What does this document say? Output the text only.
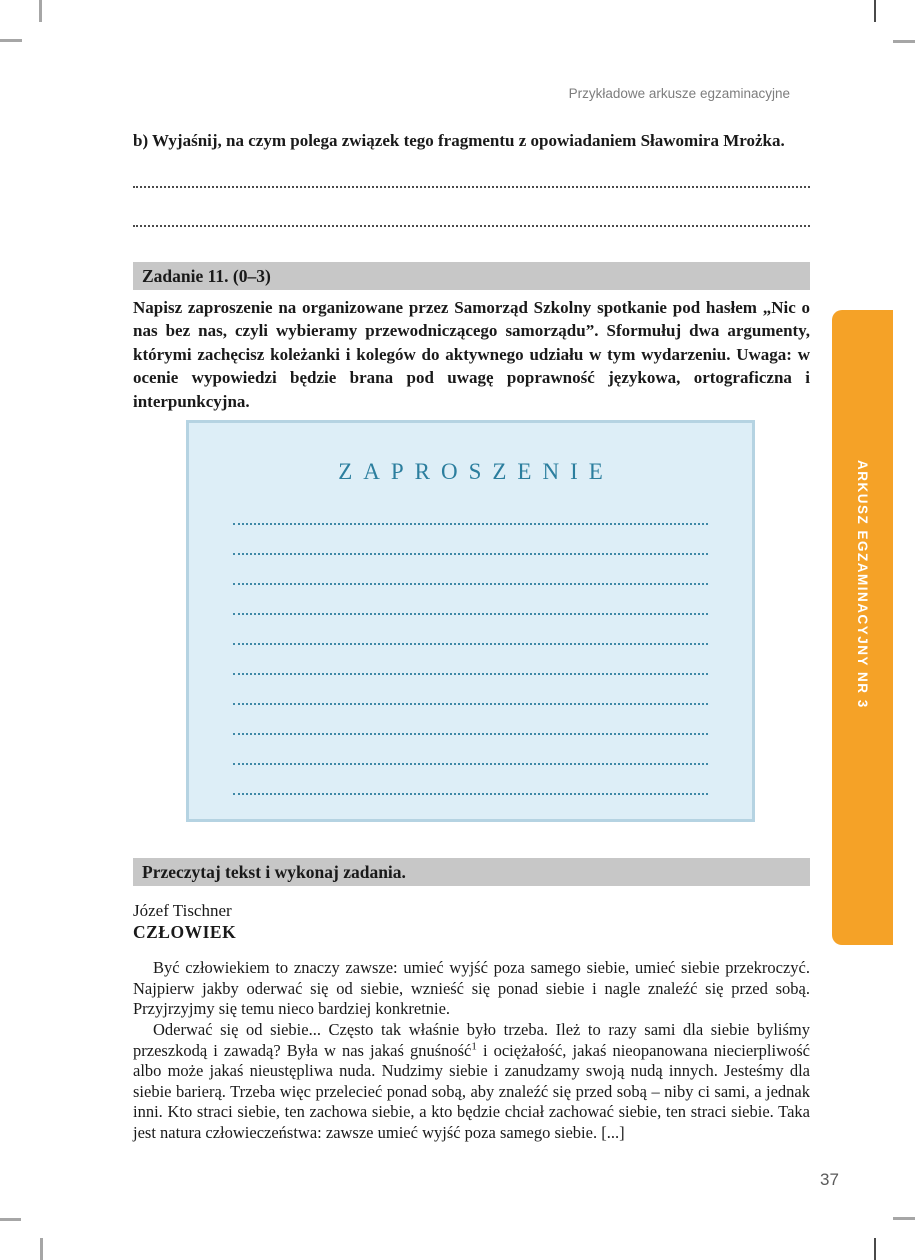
Przykładowe arkusze egzaminacyjne

b) Wyjaśnij, na czym polega związek tego fragmentu z opowiadaniem Sławomira Mrożka.

Zadanie 11. (0–3)

Napisz zaproszenie na organizowane przez Samorząd Szkolny spotkanie pod hasłem „Nic o nas bez nas, czyli wybieramy przewodniczącego samorządu”. Sformułuj dwa argumenty, którymi zachęcisz koleżanki i kolegów do aktywnego udziału w tym wydarzeniu. Uwaga: w ocenie wypowiedzi będzie brana pod uwagę poprawność językowa, ortograficzna i interpunkcyjna.

ZAPROSZENIE
Przeczytaj tekst i wykonaj zadania.

Józef Tischner

CZŁOWIEK

Być człowiekiem to znaczy zawsze: umieć wyjść poza samego siebie, umieć siebie przekroczyć. Najpierw jakby oderwać się od siebie, wznieść się ponad siebie i nagle znaleźć się przed sobą. Przyjrzyjmy się temu nieco bardziej konkretnie.

Oderwać się od siebie... Często tak właśnie było trzeba. Ileż to razy sami dla siebie byliśmy przeszkodą i zawadą? Była w nas jakaś gnuśność$^1$ i ociężałość, jakaś nieopanowana niecierpliwość albo może jakaś nieustępliwa nuda. Nudzimy siebie i zanudzamy swoją nudą innych. Jesteśmy dla siebie barierą. Trzeba więc przelecieć ponad sobą, aby znaleźć się przed sobą – niby ci sami, a jednak inni. Kto straci siebie, ten zachowa siebie, a kto będzie chciał zachować siebie, ten straci siebie. Taka jest natura człowieczeństwa: zawsze umieć wyjść poza samego siebie. [...]

ARKUSZ EGZAMINACYJNY NR 3
37
